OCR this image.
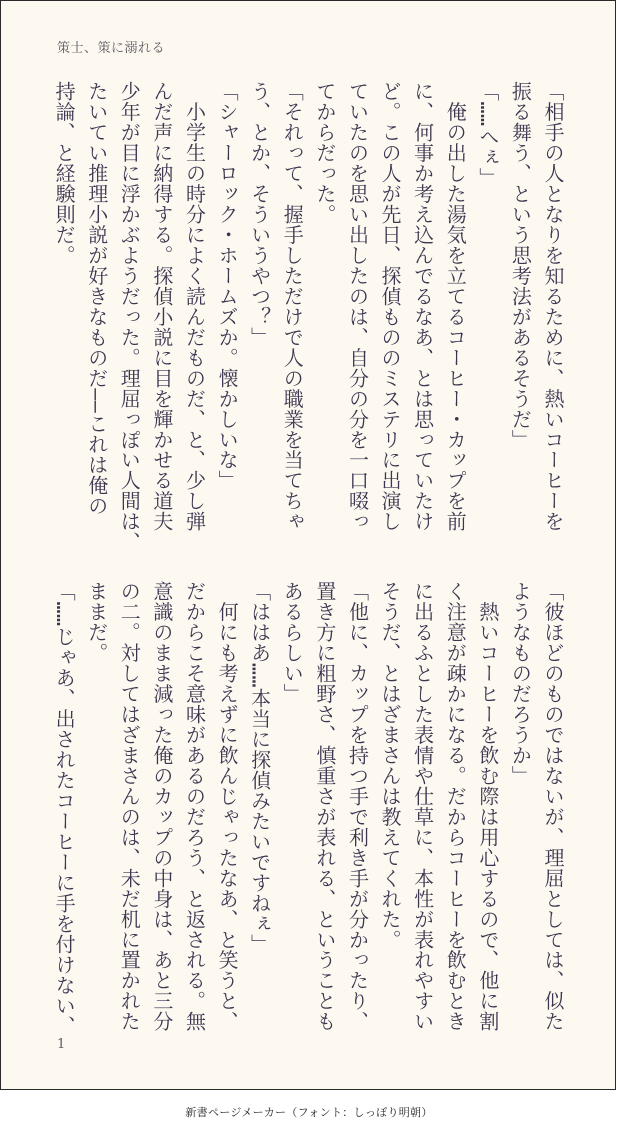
策士、策に溺れる
「相手の人となりを知るために、熱いコーヒーを
振る舞う、という思考法があるそうだ」
「……へぇ」
　俺の出した湯気を立てるコーヒー・カップを前
に、何事か考え込んでるなあ、とは思っていたけ
ど。この人が先日、探偵もののミステリに出演し
ていたのを思い出したのは、自分の分を一口啜っ
てからだった。
「それって、握手しただけで人の職業を当てちゃ
う、とか、そういうやつ？」
「シャーロック・ホームズか。懐かしいな」
　小学生の時分によく読んだものだ、と、少し弾
んだ声に納得する。探偵小説に目を輝かせる道夫
少年が目に浮かぶようだった。理屈っぽい人間は、
たいてい推理小説が好きなものだ――これは俺の
持論、と経験則だ。
「彼ほどのものではないが、理屈としては、似た
ようなものだろうか」
　熱いコーヒーを飲む際は用心するので、他に割
く注意が疎かになる。だからコーヒーを飲むとき
に出るふとした表情や仕草に、本性が表れやすい
そうだ、とはざまさんは教えてくれた。
「他に、カップを持つ手で利き手が分かったり、
置き方に粗野さ、慎重さが表れる、ということも
あるらしい」
「ははあ……本当に探偵みたいですねぇ」
　何にも考えずに飲んじゃったなあ、と笑うと、
だからこそ意味があるのだろう、と返される。無
意識のまま減った俺のカップの中身は、あと三分
の二。対してはざまさんのは、未だ机に置かれた
ままだ。
「……じゃあ、出されたコーヒーに手を付けない、
1
新書ページメーカー（フォント：しっぽり明朝）
